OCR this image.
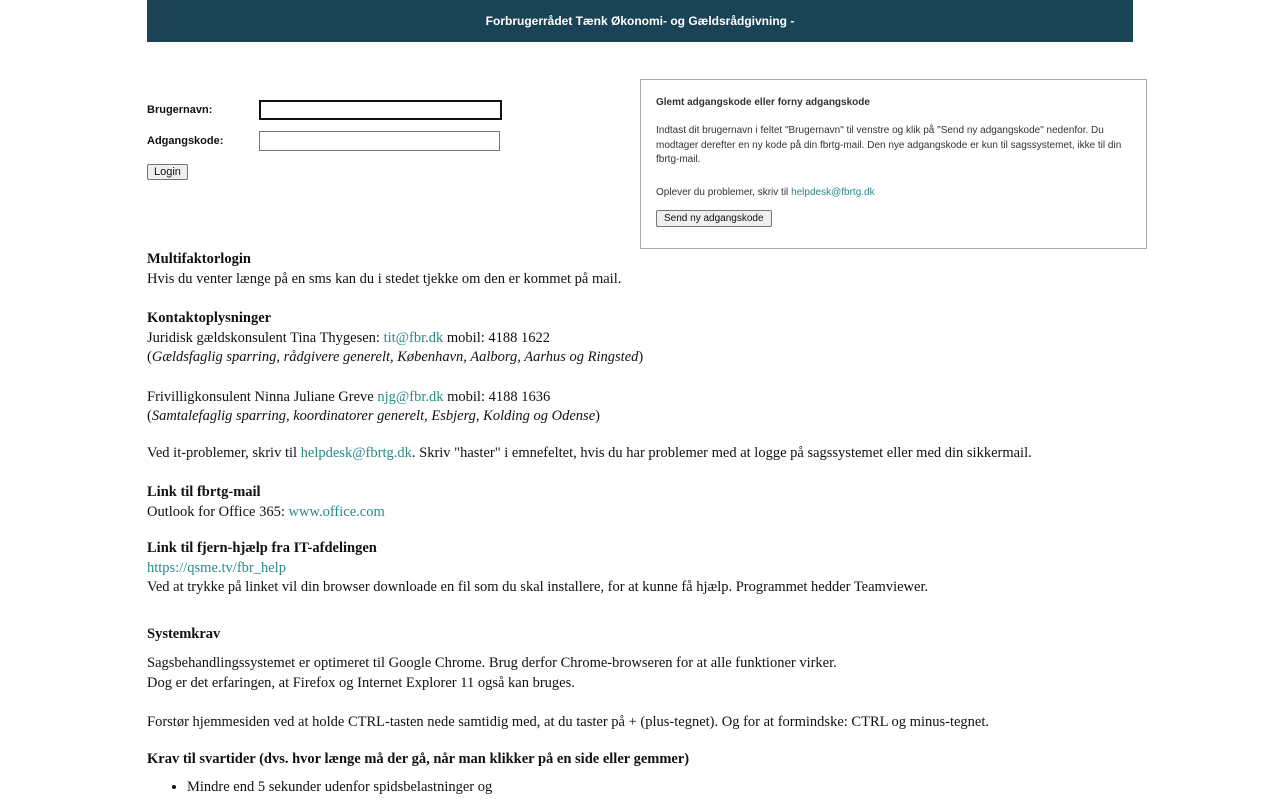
Forbrugerrådet Tænk Økonomi- og Gældsrådgivning -
Brugernavn:
Adgangskode:
Login
Glemt adgangskode eller forny adgangskode
Indtast dit brugernavn i feltet "Brugernavn" til venstre og klik på "Send ny adgangskode" nedenfor. Du modtager derefter en ny kode på din fbrtg-mail. Den nye adgangskode er kun til sagssystemet, ikke til din fbrtg-mail.
Oplever du problemer, skriv til helpdesk@fbrtg.dk
Send ny adgangskode
Multifaktorlogin
Hvis du venter længe på en sms kan du i stedet tjekke om den er kommet på mail.
Kontaktoplysninger
Juridisk gældskonsulent Tina Thygesen: tit@fbr.dk mobil: 4188 1622
(Gældsfaglig sparring, rådgivere generelt, København, Aalborg, Aarhus og Ringsted)
Frivilligkonsulent Ninna Juliane Greve njg@fbr.dk mobil: 4188 1636
(Samtalefaglig sparring, koordinatorer generelt, Esbjerg, Kolding og Odense)
Ved it-problemer, skriv til helpdesk@fbrtg.dk. Skriv "haster" i emnefeltet, hvis du har problemer med at logge på sagssystemet eller med din sikkermail.
Link til fbrtg-mail
Outlook for Office 365: www.office.com
Link til fjern-hjælp fra IT-afdelingen
https://qsme.tv/fbr_help
Ved at trykke på linket vil din browser downloade en fil som du skal installere, for at kunne få hjælp. Programmet hedder Teamviewer.
Systemkrav
Sagsbehandlingssystemet er optimeret til Google Chrome. Brug derfor Chrome-browseren for at alle funktioner virker.
Dog er det erfaringen, at Firefox og Internet Explorer 11 også kan bruges.
Forstør hjemmesiden ved at holde CTRL-tasten nede samtidig med, at du taster på + (plus-tegnet). Og for at formindske: CTRL og minus-tegnet.
Krav til svartider (dvs. hvor længe må der gå, når man klikker på en side eller gemmer)
• Mindre end 5 sekunder udenfor spidsbelastninger og
